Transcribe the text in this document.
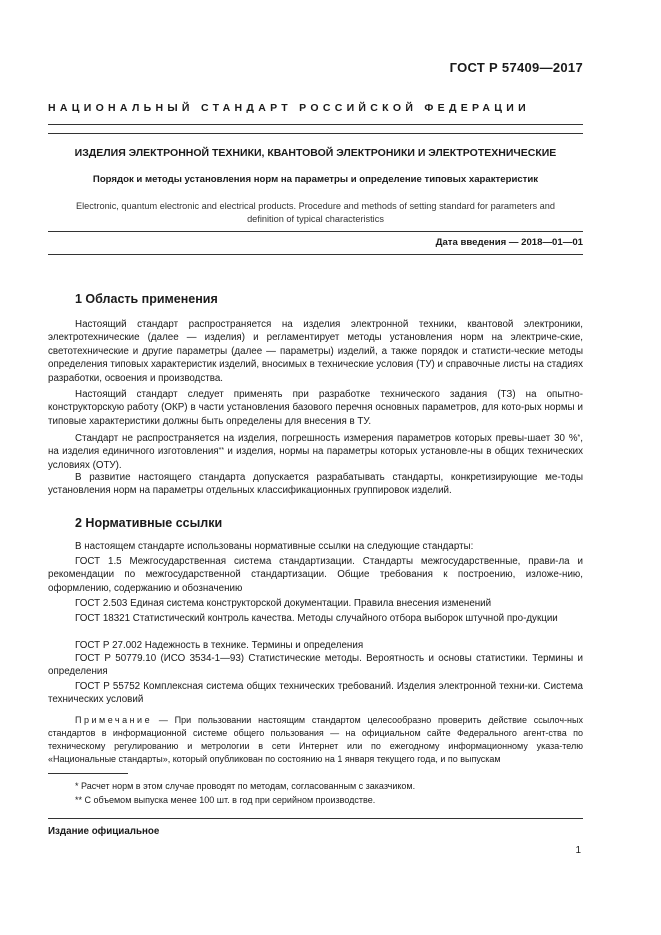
ГОСТ Р 57409—2017
НАЦИОНАЛЬНЫЙ СТАНДАРТ РОССИЙСКОЙ ФЕДЕРАЦИИ
ИЗДЕЛИЯ ЭЛЕКТРОННОЙ ТЕХНИКИ, КВАНТОВОЙ ЭЛЕКТРОНИКИ И ЭЛЕКТРОТЕХНИЧЕСКИЕ
Порядок и методы установления норм на параметры и определение типовых характеристик
Electronic, quantum electronic and electrical products. Procedure and methods of setting standard for parameters and definition of typical characteristics
Дата введения — 2018—01—01
1 Область применения

Настоящий стандарт распространяется на изделия электронной техники, квантовой электроники, электротехнические (далее — изделия) и регламентирует методы установления норм на электриче-ские, светотехнические и другие параметры (далее — параметры) изделий, а также порядок и статисти-ческие методы определения типовых характеристик изделий, вносимых в технические условия (ТУ) и справочные листы на стадиях разработки, освоения и производства.

Настоящий стандарт следует применять при разработке технического задания (ТЗ) на опытно-конструкторскую работу (ОКР) в части установления базового перечня основных параметров, для кото-рых нормы и типовые характеристики должны быть определены для внесения в ТУ.

Стандарт не распространяется на изделия, погрешность измерения параметров которых превы-шает 30 %*, на изделия единичного изготовления** и изделия, нормы на параметры которых установле-ны в общих технических условиях (ОТУ).

В развитие настоящего стандарта допускается разрабатывать стандарты, конкретизирующие ме-тоды установления норм на параметры отдельных классификационных группировок изделий.

2 Нормативные ссылки

В настоящем стандарте использованы нормативные ссылки на следующие стандарты:

ГОСТ 1.5 Межгосударственная система стандартизации. Стандарты межгосударственные, прави-ла и рекомендации по межгосударственной стандартизации. Общие требования к построению, изложе-нию, оформлению, содержанию и обозначению

ГОСТ 2.503 Единая система конструкторской документации. Правила внесения изменений

ГОСТ 18321 Статистический контроль качества. Методы случайного отбора выборок штучной про-дукции

ГОСТ Р 27.002 Надежность в технике. Термины и определения

ГОСТ Р 50779.10 (ИСО 3534-1—93) Статистические методы. Вероятность и основы статистики. Термины и определения

ГОСТ Р 55752 Комплексная система общих технических требований. Изделия электронной техни-ки. Система технических условий

Примечание — При пользовании настоящим стандартом целесообразно проверить действие ссылоч-ных стандартов в информационной системе общего пользования — на официальном сайте Федерального агент-ства по техническому регулированию и метрологии в сети Интернет или по ежегодному информационному указа-телю «Национальные стандарты», который опубликован по состоянию на 1 января текущего года, и по выпускам

* Расчет норм в этом случае проводят по методам, согласованным с заказчиком.
** С объемом выпуска менее 100 шт. в год при серийном производстве.
Издание официальное
1
